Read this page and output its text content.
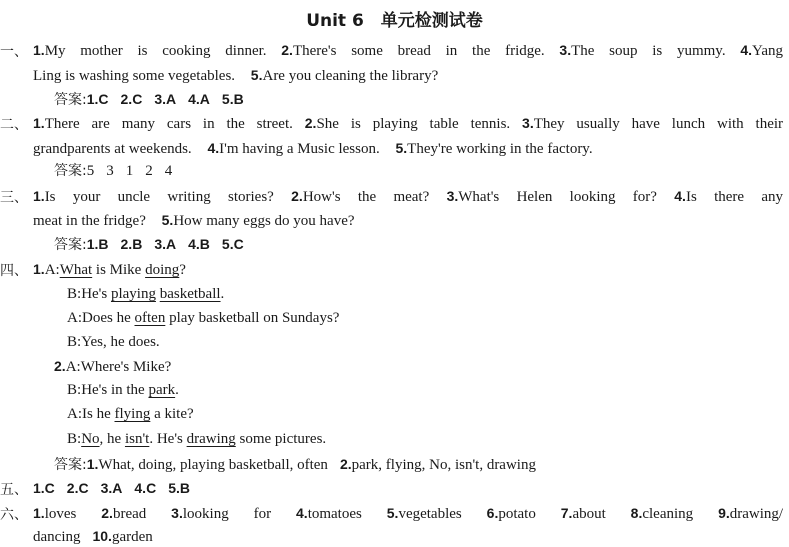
Unit 6　单元检测试卷
一、 1.My mother is cooking dinner. 2.There's some bread in the fridge. 3.The soup is yummy. 4.Yang
Ling is washing some vegetables. 5.Are you cleaning the library?
答案:1.C 2.C 3.A 4.A 5.B
二、 1.There are many cars in the street. 2.She is playing table tennis. 3.They usually have lunch with their
grandparents at weekends. 4.I'm having a Music lesson. 5.They're working in the factory.
答案:5 3 1 2 4
三、 1.Is your uncle writing stories? 2.How's the meat? 3.What's Helen looking for? 4.Is there any
meat in the fridge? 5.How many eggs do you have?
答案:1.B 2.B 3.A 4.B 5.C
四、 1.A:What is Mike doing?
B:He's playing basketball.
A:Does he often play basketball on Sundays?
B:Yes, he does.
2.A:Where's Mike?
B:He's in the park.
A:Is he flying a kite?
B:No, he isn't. He's drawing some pictures.
答案:1.What, doing, playing basketball, often 2.park, flying, No, isn't, drawing
五、 1.C 2.C 3.A 4.C 5.B
六、 1.loves 2.bread 3.looking for 4.tomatoes 5.vegetables 6.potato 7.about 8.cleaning 9.drawing/
dancing 10.garden
